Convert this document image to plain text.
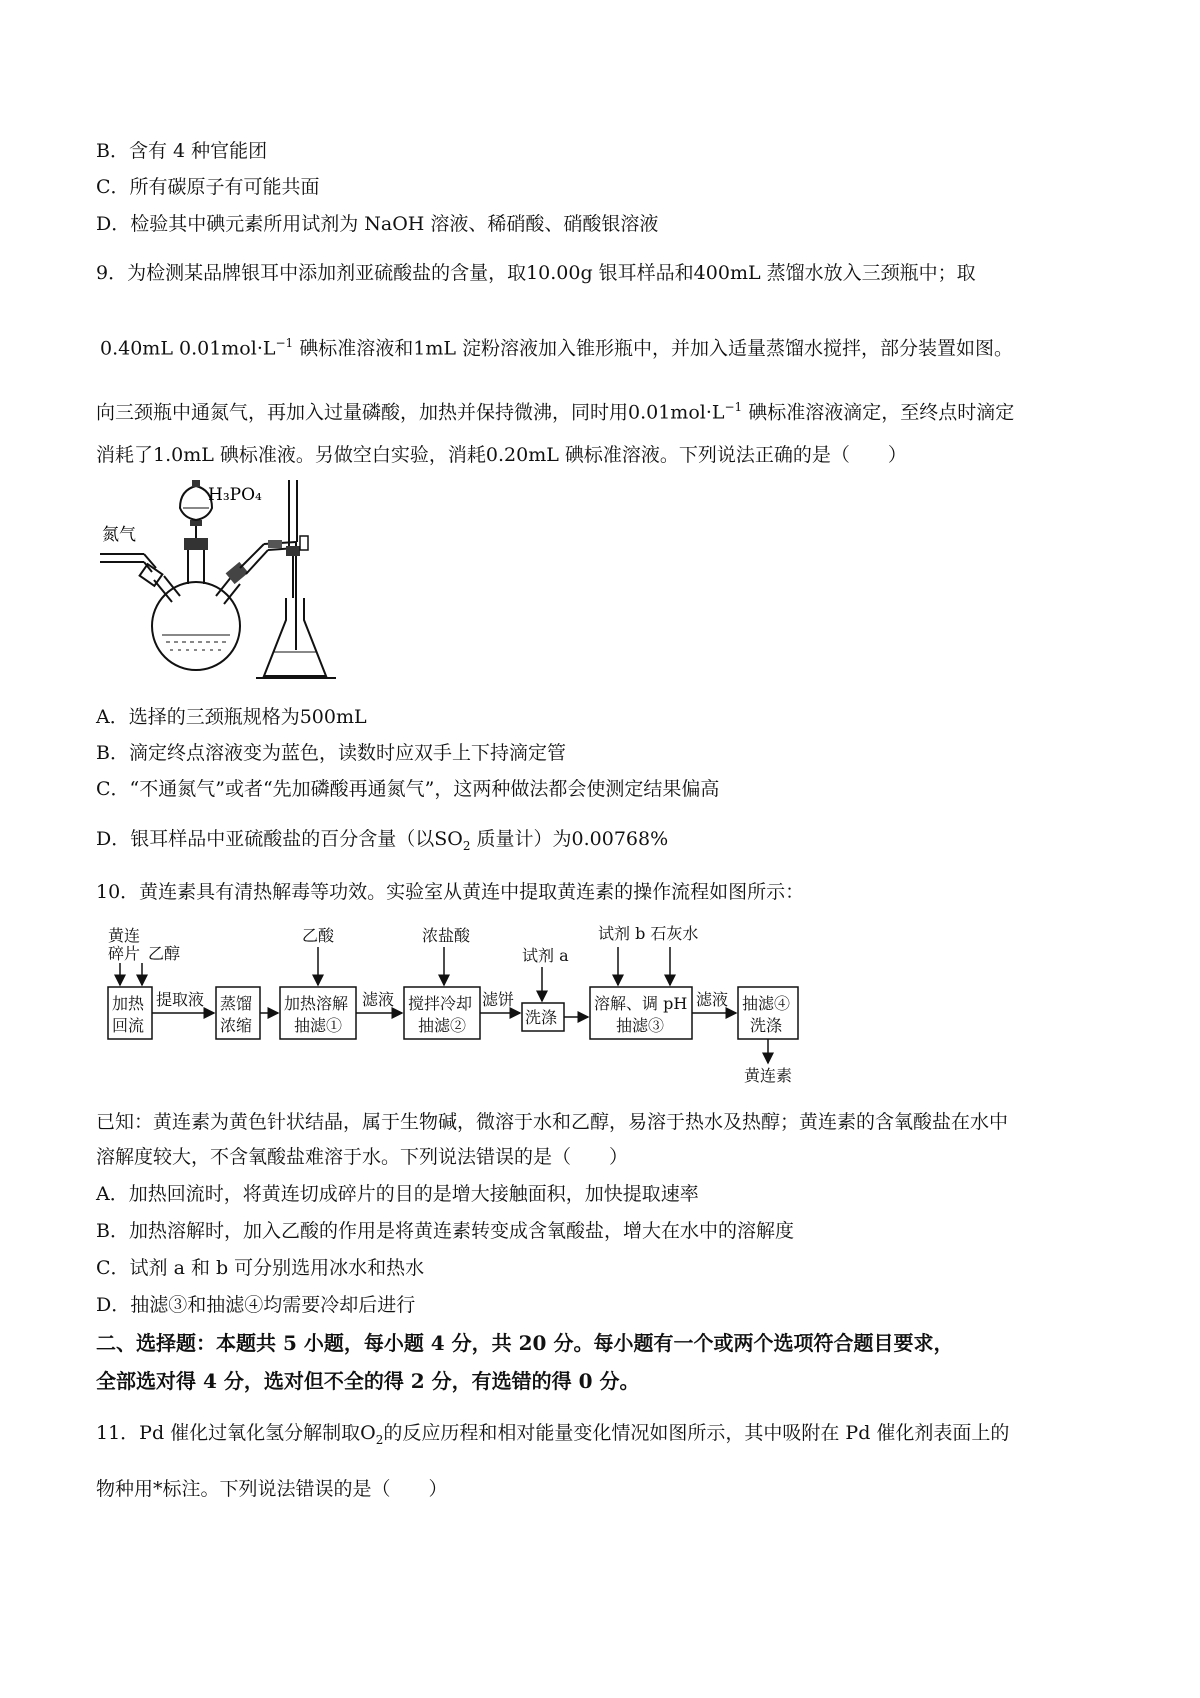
B．含有 4 种官能团
C．所有碳原子有可能共面
D．检验其中碘元素所用试剂为 NaOH 溶液、稀硝酸、硝酸银溶液
9．为检测某品牌银耳中添加剂亚硫酸盐的含量，取10.00g 银耳样品和400mL 蒸馏水放入三颈瓶中；取
0.40mL $0.01mol\cdot L^{-1}$ 碘标准溶液和1mL 淀粉溶液加入锥形瓶中，并加入适量蒸馏水搅拌，部分装置如图。
向三颈瓶中通氮气，再加入过量磷酸，加热并保持微沸，同时用$0.01mol\cdot L^{-1}$ 碘标准溶液滴定，至终点时滴定
消耗了1.0mL 碘标准液。另做空白实验，消耗0.20mL 碘标准溶液。下列说法正确的是（　　）
氮气
H₃PO₄
A．选择的三颈瓶规格为500mL
B．滴定终点溶液变为蓝色，读数时应双手上下持滴定管
C．“不通氮气”或者“先加磷酸再通氮气”，这两种做法都会使测定结果偏高
D．银耳样品中亚硫酸盐的百分含量（以$SO_2$ 质量计）为0.00768%
10．黄连素具有清热解毒等功效。实验室从黄连中提取黄连素的操作流程如图所示：
黄连
碎片 乙醇
加热
回流
提取液 蒸馏
浓缩
乙酸
加热溶解
抽滤①
滤液
浓盐酸
搅拌冷却
抽滤②
滤饼
试剂 a
洗涤
试剂 b 石灰水
溶解、调 pH
抽滤③
滤液 抽滤④
洗涤
黄连素
已知：黄连素为黄色针状结晶，属于生物碱，微溶于水和乙醇，易溶于热水及热醇；黄连素的含氧酸盐在水中
溶解度较大，不含氧酸盐难溶于水。下列说法错误的是（　　）
A．加热回流时，将黄连切成碎片的目的是增大接触面积，加快提取速率
B．加热溶解时，加入乙酸的作用是将黄连素转变成含氧酸盐，增大在水中的溶解度
C．试剂 a 和 b 可分别选用冰水和热水
D．抽滤③和抽滤④均需要冷却后进行
二、选择题：本题共 5 小题，每小题 4 分，共 20 分。每小题有一个或两个选项符合题目要求，
全部选对得 4 分，选对但不全的得 2 分，有选错的得 0 分。
11．Pd 催化过氧化氢分解制取$O_2$的反应历程和相对能量变化情况如图所示，其中吸附在 Pd 催化剂表面上的
物种用*标注。下列说法错误的是（　　）
